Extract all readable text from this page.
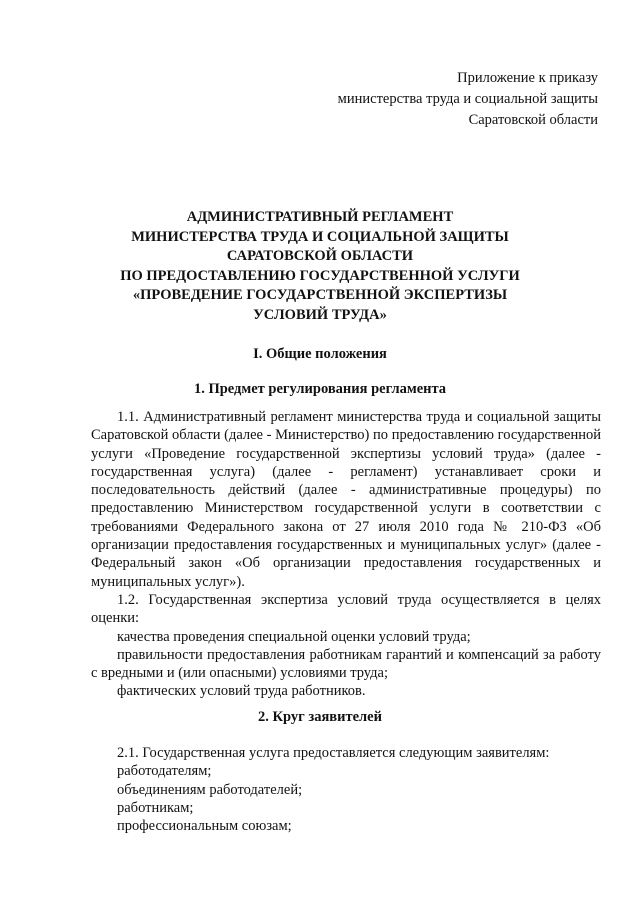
Приложение к приказу
министерства труда и социальной защиты
Саратовской области
АДМИНИСТРАТИВНЫЙ РЕГЛАМЕНТ
МИНИСТЕРСТВА ТРУДА И СОЦИАЛЬНОЙ ЗАЩИТЫ
САРАТОВСКОЙ ОБЛАСТИ
ПО ПРЕДОСТАВЛЕНИЮ ГОСУДАРСТВЕННОЙ УСЛУГИ
«ПРОВЕДЕНИЕ ГОСУДАРСТВЕННОЙ ЭКСПЕРТИЗЫ
УСЛОВИЙ ТРУДА»
I. Общие положения
1. Предмет регулирования регламента

1.1. Административный регламент министерства труда и социальной защиты Саратовской области (далее - Министерство) по предоставлению государственной услуги «Проведение государственной экспертизы условий труда» (далее - государственная услуга) (далее - регламент) устанавливает сроки и последовательность действий (далее - административные процедуры) по предоставлению Министерством государственной услуги в соответствии с требованиями Федерального закона от 27 июля 2010 года № 210-ФЗ «Об организации предоставления государственных и муниципальных услуг» (далее - Федеральный закон «Об организации предоставления государственных и муниципальных услуг»).

1.2. Государственная экспертиза условий труда осуществляется в целях оценки:

качества проведения специальной оценки условий труда;

правильности предоставления работникам гарантий и компенсаций за работу с вредными и (или опасными) условиями труда;

фактических условий труда работников.

2. Круг заявителей

2.1. Государственная услуга предоставляется следующим заявителям:

работодателям;

объединениям работодателей;

работникам;

профессиональным союзам;
